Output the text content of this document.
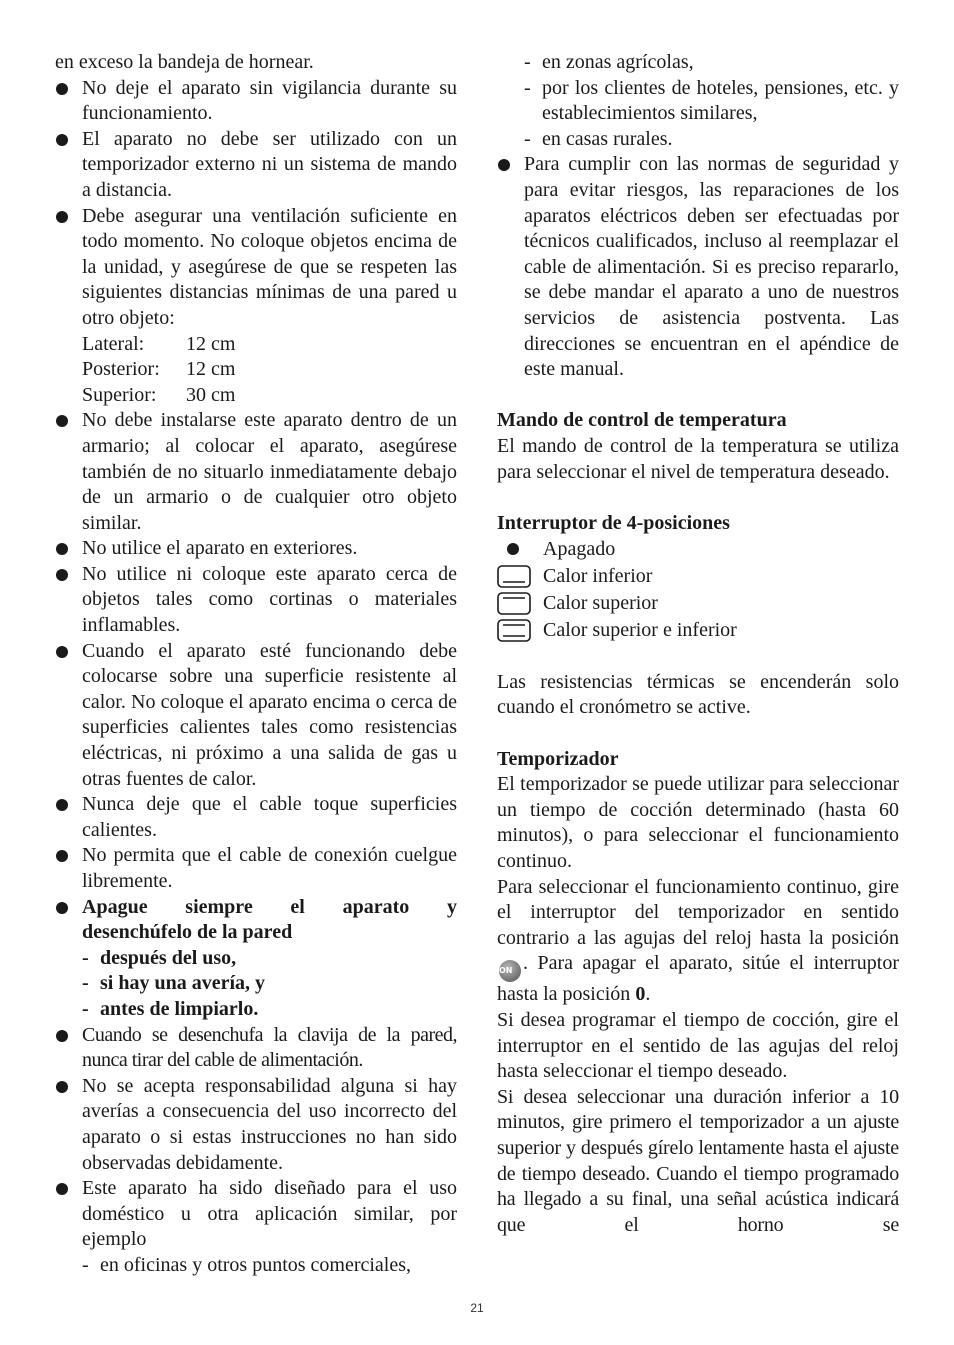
en exceso la bandeja de hornear.

No deje el aparato sin vigilancia durante su funcionamiento.
El aparato no debe ser utilizado con un temporizador externo ni un sistema de mando a distancia.
Debe asegurar una ventilación suficiente en todo momento. No coloque objetos encima de la unidad, y asegúrese de que se respeten las siguientes distancias mínimas de una pared u otro objeto:
Lateral:	12 cm
Posterior:	12 cm
Superior:	30 cm
No debe instalarse este aparato dentro de un armario; al colocar el aparato, asegúrese también de no situarlo inmediatamente debajo de un armario o de cualquier otro objeto similar.
No utilice el aparato en exteriores.
No utilice ni coloque este aparato cerca de objetos tales como cortinas o materiales inflamables.
Cuando el aparato esté funcionando debe colocarse sobre una superficie resistente al calor. No coloque el aparato encima o cerca de superficies calientes tales como resistencias eléctricas, ni próximo a una salida de gas u otras fuentes de calor.
Nunca deje que el cable toque superficies calientes.
No permita que el cable de conexión cuelgue libremente.
Apague siempre el aparato y
desenchúfelo de la pared
- después del uso,
- si hay una avería, y
- antes de limpiarlo.
Cuando se desenchufa la clavija de la pared, nunca tirar del cable de alimentación.
No se acepta responsabilidad alguna si hay averías a consecuencia del uso incorrecto del aparato o si estas instrucciones no han sido observadas debidamente.
Este aparato ha sido diseñado para el uso doméstico u otra aplicación similar, por ejemplo
- en oficinas y otros puntos comerciales,
- en zonas agrícolas,
- por los clientes de hoteles, pensiones, etc. y establecimientos similares,
- en casas rurales.
Para cumplir con las normas de seguridad y para evitar riesgos, las reparaciones de los aparatos eléctricos deben ser efectuadas por técnicos cualificados, incluso al reemplazar el cable de alimentación. Si es preciso repararlo, se debe mandar el aparato a uno de nuestros servicios de asistencia postventa. Las direcciones se encuentran en el apéndice de este manual.

Mando de control de temperatura

El mando de control de la temperatura se utiliza para seleccionar el nivel de temperatura deseado.

Interruptor de 4-posiciones

Apagado
Calor inferior
Calor superior
Calor superior e inferior

Las resistencias térmicas se encenderán solo cuando el cronómetro se active.

Temporizador

El temporizador se puede utilizar para seleccionar un tiempo de cocción determinado (hasta 60 minutos), o para seleccionar el funcionamiento continuo.

Para seleccionar el funcionamiento continuo, gire el interruptor del temporizador en sentido contrario a las agujas del reloj hasta la posición ON . Para apagar el aparato, sitúe el interruptor hasta la posición 0.

Si desea programar el tiempo de cocción, gire el interruptor en el sentido de las agujas del reloj hasta seleccionar el tiempo deseado.

Si desea seleccionar una duración inferior a 10 minutos, gire primero el temporizador a un ajuste superior y después gírelo lentamente hasta el ajuste de tiempo deseado. Cuando el tiempo programado ha llegado a su final, una señal acústica indicará que el horno se

21
